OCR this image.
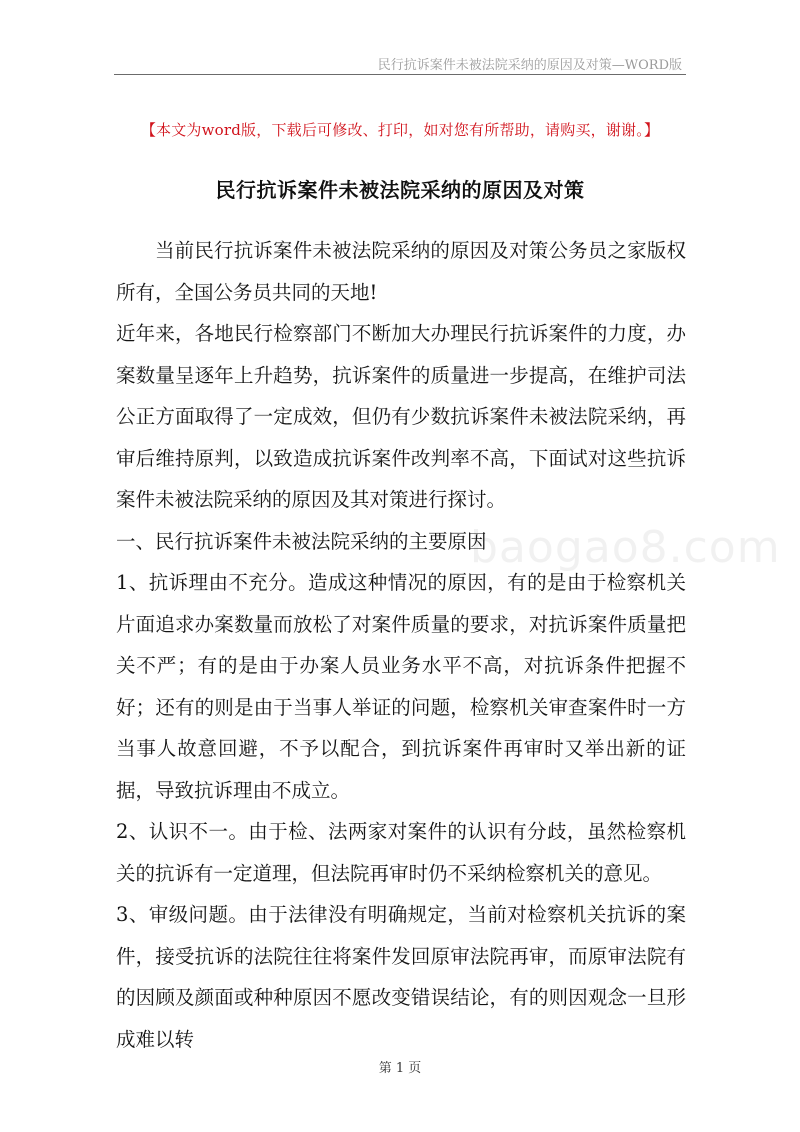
民行抗诉案件未被法院采纳的原因及对策—WORD版
【本文为word版，下载后可修改、打印，如对您有所帮助，请购买，谢谢。】
民行抗诉案件未被法院采纳的原因及对策
baogao8.com

当前民行抗诉案件未被法院采纳的原因及对策公务员之家版权所有，全国公务员共同的天地!

近年来，各地民行检察部门不断加大办理民行抗诉案件的力度，办案数量呈逐年上升趋势，抗诉案件的质量进一步提高，在维护司法公正方面取得了一定成效，但仍有少数抗诉案件未被法院采纳，再审后维持原判，以致造成抗诉案件改判率不高，下面试对这些抗诉案件未被法院采纳的原因及其对策进行探讨。

一、民行抗诉案件未被法院采纳的主要原因

1、抗诉理由不充分。造成这种情况的原因，有的是由于检察机关片面追求办案数量而放松了对案件质量的要求，对抗诉案件质量把关不严；有的是由于办案人员业务水平不高，对抗诉条件把握不好；还有的则是由于当事人举证的问题，检察机关审查案件时一方当事人故意回避，不予以配合，到抗诉案件再审时又举出新的证据，导致抗诉理由不成立。

2、认识不一。由于检、法两家对案件的认识有分歧，虽然检察机关的抗诉有一定道理，但法院再审时仍不采纳检察机关的意见。

3、审级问题。由于法律没有明确规定，当前对检察机关抗诉的案件，接受抗诉的法院往往将案件发回原审法院再审，而原审法院有的因顾及颜面或种种原因不愿改变错误结论，有的则因观念一旦形成难以转

第 1 页
